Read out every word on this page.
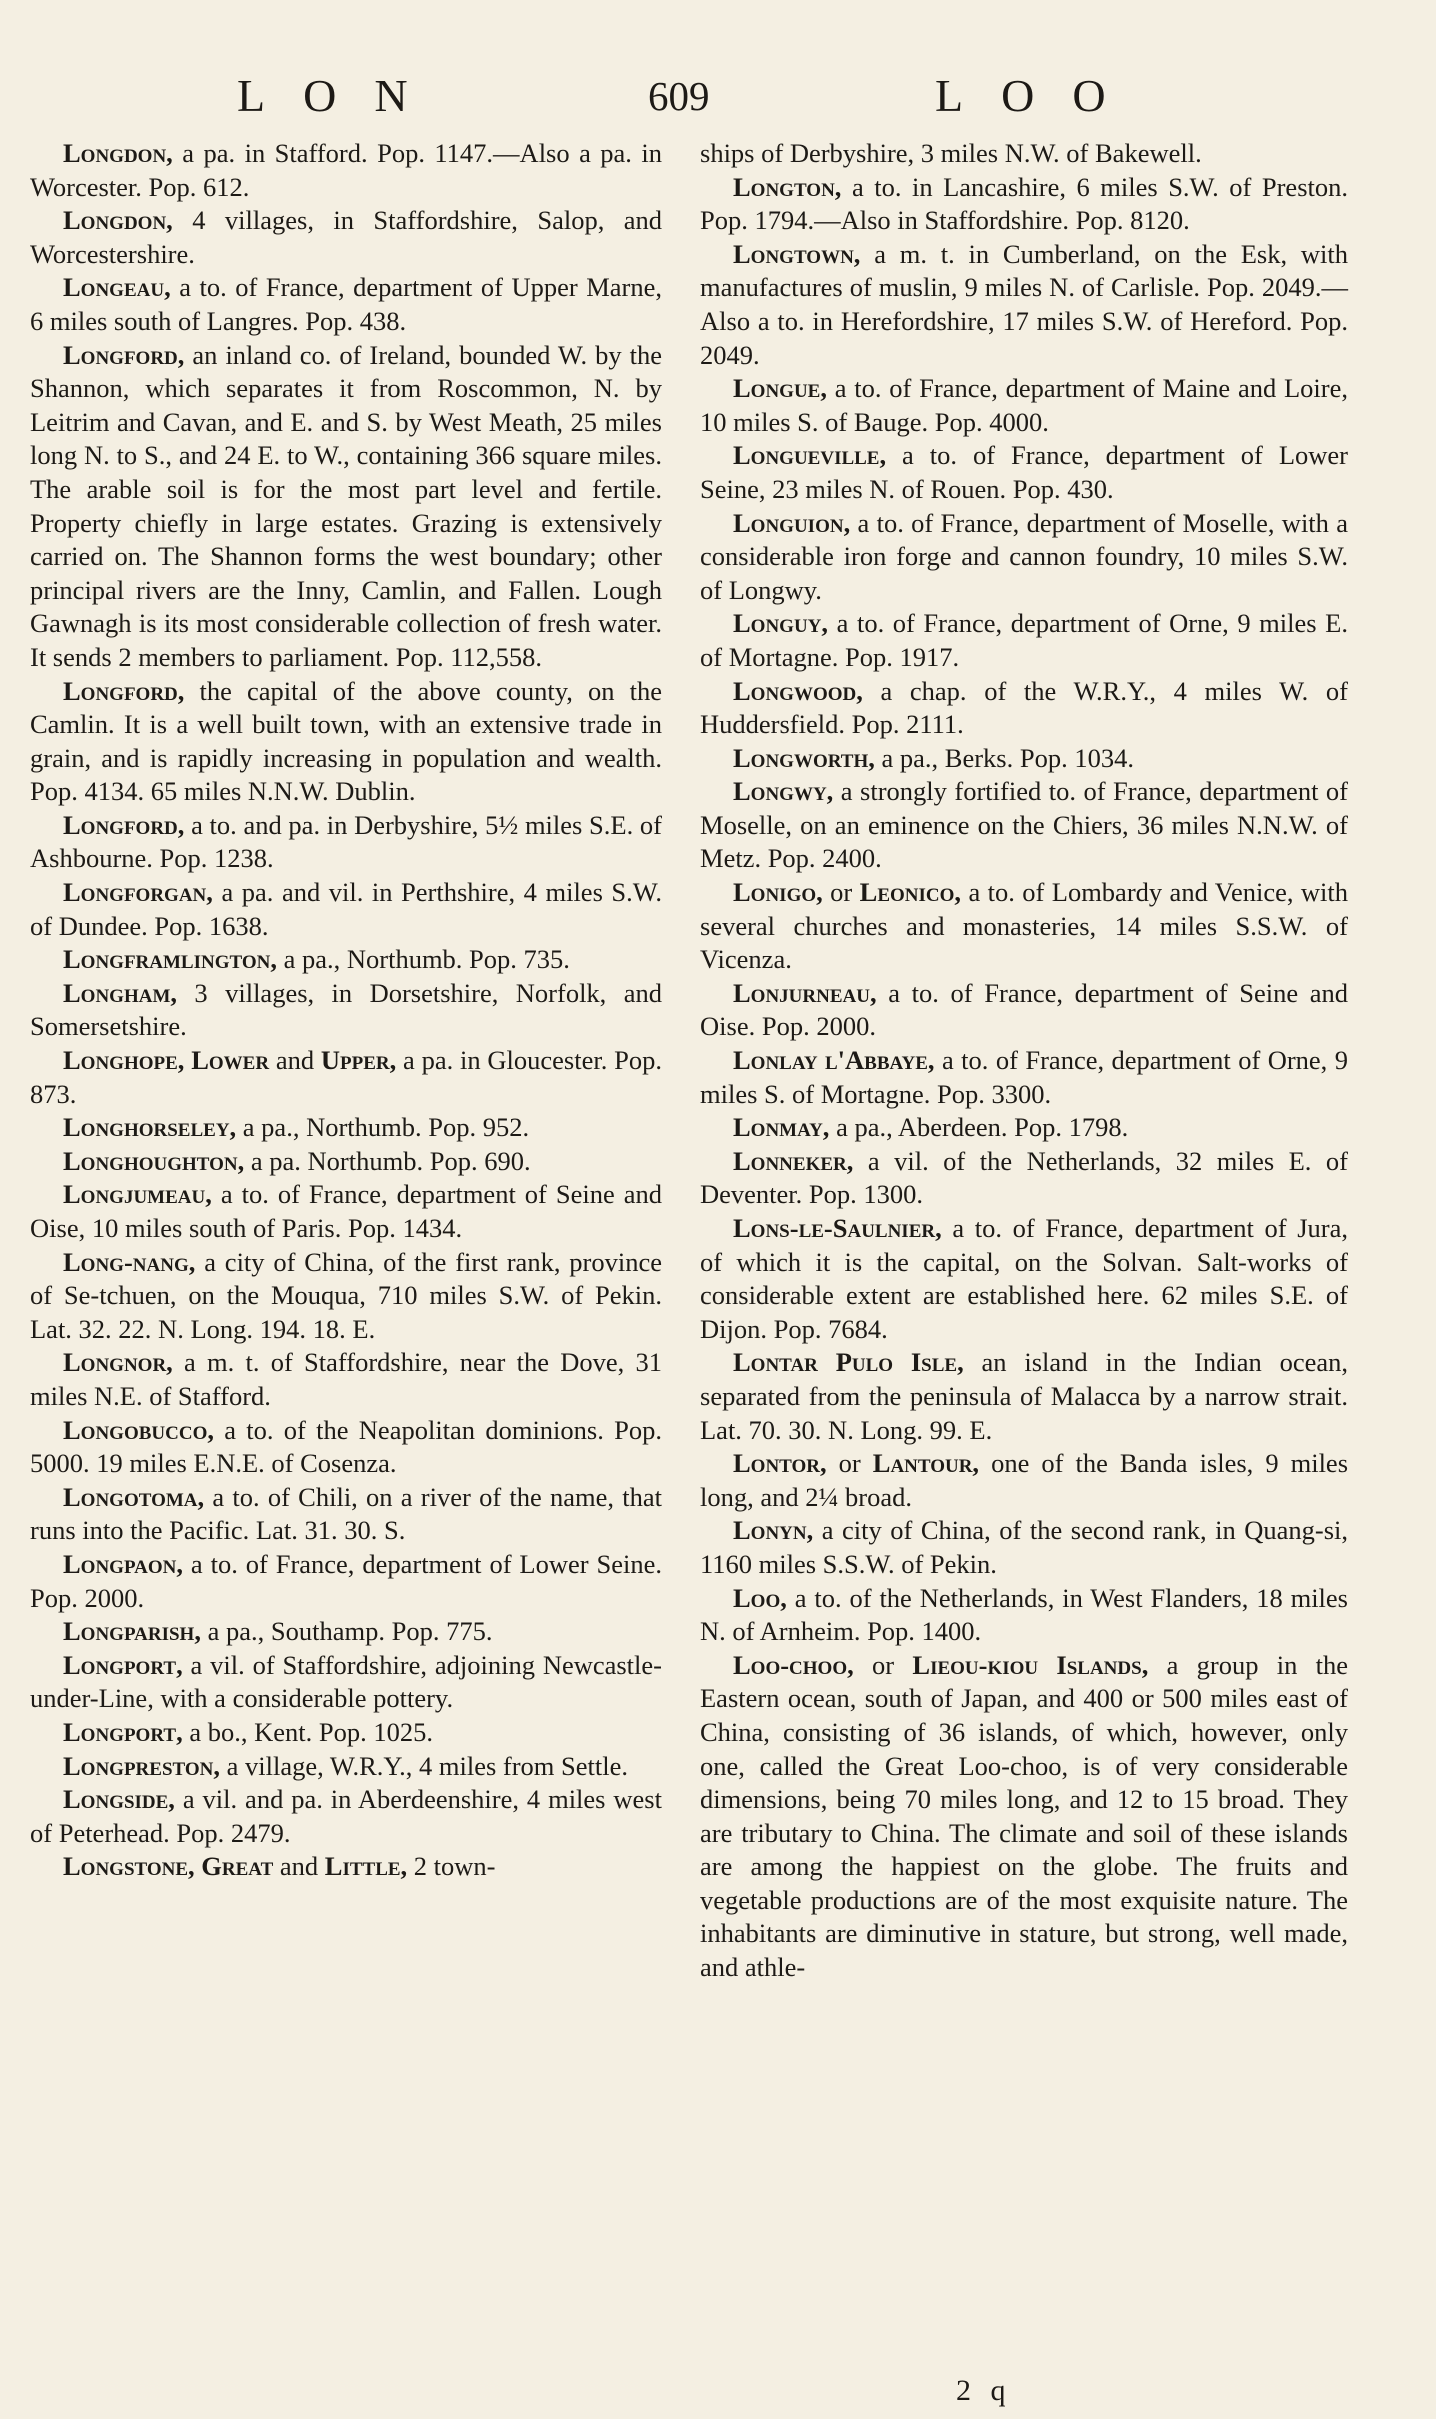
LON	609	LOO

Longdon, a pa. in Stafford. Pop. 1147.—Also a pa. in Worcester. Pop. 612.

Longdon, 4 villages, in Staffordshire, Salop, and Worcestershire.

Longeau, a to. of France, department of Upper Marne, 6 miles south of Langres. Pop. 438.

Longford, an inland co. of Ireland, bounded W. by the Shannon, which separates it from Roscommon, N. by Leitrim and Cavan, and E. and S. by West Meath, 25 miles long N. to S., and 24 E. to W., containing 366 square miles. The arable soil is for the most part level and fertile. Property chiefly in large estates. Grazing is extensively carried on. The Shannon forms the west boundary; other principal rivers are the Inny, Camlin, and Fallen. Lough Gawnagh is its most considerable collection of fresh water. It sends 2 members to parliament. Pop. 112,558.

Longford, the capital of the above county, on the Camlin. It is a well built town, with an extensive trade in grain, and is rapidly increasing in population and wealth. Pop. 4134. 65 miles N.N.W. Dublin.

Longford, a to. and pa. in Derbyshire, 5½ miles S.E. of Ashbourne. Pop. 1238.

Longforgan, a pa. and vil. in Perthshire, 4 miles S.W. of Dundee. Pop. 1638.

Longframlington, a pa., Northumb. Pop. 735.

Longham, 3 villages, in Dorsetshire, Norfolk, and Somersetshire.

Longhope, Lower and Upper, a pa. in Gloucester. Pop. 873.

Longhorseley, a pa., Northumb. Pop. 952.

Longhoughton, a pa. Northumb. Pop. 690.

Longjumeau, a to. of France, department of Seine and Oise, 10 miles south of Paris. Pop. 1434.

Long-nang, a city of China, of the first rank, province of Se-tchuen, on the Mouqua, 710 miles S.W. of Pekin. Lat. 32. 22. N. Long. 194. 18. E.

Longnor, a m. t. of Staffordshire, near the Dove, 31 miles N.E. of Stafford.

Longobucco, a to. of the Neapolitan dominions. Pop. 5000. 19 miles E.N.E. of Cosenza.

Longotoma, a to. of Chili, on a river of the name, that runs into the Pacific. Lat. 31. 30. S.

Longpaon, a to. of France, department of Lower Seine. Pop. 2000.

Longparish, a pa., Southamp. Pop. 775.

Longport, a vil. of Staffordshire, adjoining Newcastle-under-Line, with a considerable pottery.

Longport, a bo., Kent. Pop. 1025.

Longpreston, a village, W.R.Y., 4 miles from Settle.

Longside, a vil. and pa. in Aberdeenshire, 4 miles west of Peterhead. Pop. 2479.

Longstone, Great and Little, 2 town-

ships of Derbyshire, 3 miles N.W. of Bakewell.

Longton, a to. in Lancashire, 6 miles S.W. of Preston. Pop. 1794.—Also in Staffordshire. Pop. 8120.

Longtown, a m. t. in Cumberland, on the Esk, with manufactures of muslin, 9 miles N. of Carlisle. Pop. 2049.—Also a to. in Herefordshire, 17 miles S.W. of Hereford. Pop. 2049.

Longue, a to. of France, department of Maine and Loire, 10 miles S. of Bauge. Pop. 4000.

Longueville, a to. of France, department of Lower Seine, 23 miles N. of Rouen. Pop. 430.

Longuion, a to. of France, department of Moselle, with a considerable iron forge and cannon foundry, 10 miles S.W. of Longwy.

Longuy, a to. of France, department of Orne, 9 miles E. of Mortagne. Pop. 1917.

Longwood, a chap. of the W.R.Y., 4 miles W. of Huddersfield. Pop. 2111.

Longworth, a pa., Berks. Pop. 1034.

Longwy, a strongly fortified to. of France, department of Moselle, on an eminence on the Chiers, 36 miles N.N.W. of Metz. Pop. 2400.

Lonigo, or Leonico, a to. of Lombardy and Venice, with several churches and monasteries, 14 miles S.S.W. of Vicenza.

Lonjurneau, a to. of France, department of Seine and Oise. Pop. 2000.

Lonlay l'Abbaye, a to. of France, department of Orne, 9 miles S. of Mortagne. Pop. 3300.

Lonmay, a pa., Aberdeen. Pop. 1798.

Lonneker, a vil. of the Netherlands, 32 miles E. of Deventer. Pop. 1300.

Lons-le-Saulnier, a to. of France, department of Jura, of which it is the capital, on the Solvan. Salt-works of considerable extent are established here. 62 miles S.E. of Dijon. Pop. 7684.

Lontar Pulo Isle, an island in the Indian ocean, separated from the peninsula of Malacca by a narrow strait. Lat. 70. 30. N. Long. 99. E.

Lontor, or Lantour, one of the Banda isles, 9 miles long, and 2¼ broad.

Lonyn, a city of China, of the second rank, in Quang-si, 1160 miles S.S.W. of Pekin.

Loo, a to. of the Netherlands, in West Flanders, 18 miles N. of Arnheim. Pop. 1400.

Loo-choo, or Lieou-kiou Islands, a group in the Eastern ocean, south of Japan, and 400 or 500 miles east of China, consisting of 36 islands, of which, however, only one, called the Great Loo-choo, is of very considerable dimensions, being 70 miles long, and 12 to 15 broad. They are tributary to China. The climate and soil of these islands are among the happiest on the globe. The fruits and vegetable productions are of the most exquisite nature. The inhabitants are diminutive in stature, but strong, well made, and athle-

2 q
